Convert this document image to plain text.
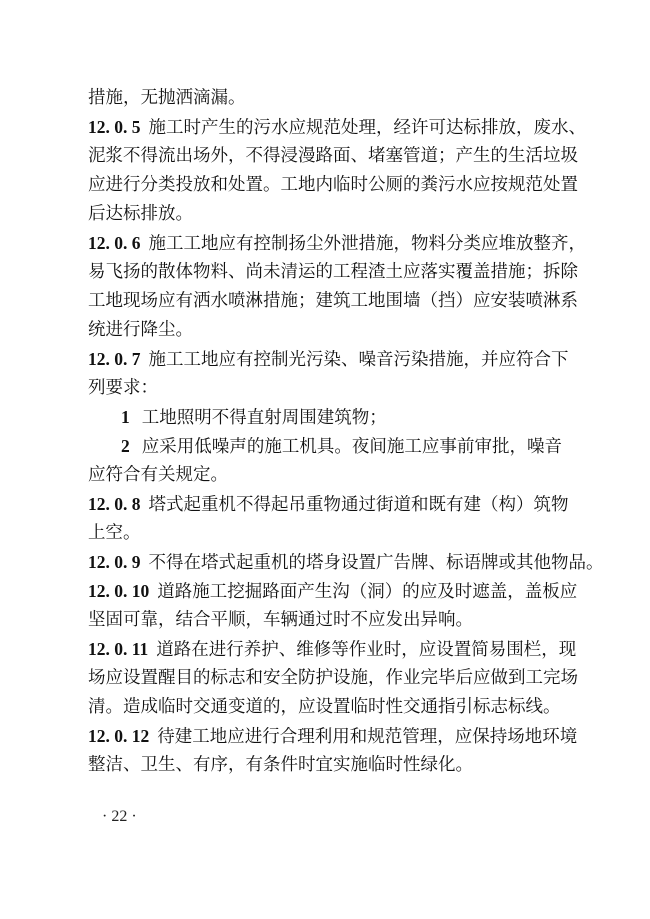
措施，无抛洒滴漏。
12. 0. 5 施工时产生的污水应规范处理，经许可达标排放，废水、
泥浆不得流出场外，不得浸漫路面、堵塞管道；产生的生活垃圾
应进行分类投放和处置。工地内临时公厕的粪污水应按规范处置
后达标排放。
12. 0. 6 施工工地应有控制扬尘外泄措施，物料分类应堆放整齐，
易飞扬的散体物料、尚未清运的工程渣土应落实覆盖措施；拆除
工地现场应有洒水喷淋措施；建筑工地围墙（挡）应安装喷淋系
统进行降尘。
12. 0. 7 施工工地应有控制光污染、噪音污染措施，并应符合下
列要求：
1 工地照明不得直射周围建筑物；
2 应采用低噪声的施工机具。夜间施工应事前审批，噪音
应符合有关规定。
12. 0. 8 塔式起重机不得起吊重物通过街道和既有建（构）筑物
上空。
12. 0. 9 不得在塔式起重机的塔身设置广告牌、标语牌或其他物品。
12. 0. 10 道路施工挖掘路面产生沟（洞）的应及时遮盖，盖板应
坚固可靠，结合平顺，车辆通过时不应发出异响。
12. 0. 11 道路在进行养护、维修等作业时，应设置简易围栏，现
场应设置醒目的标志和安全防护设施，作业完毕后应做到工完场
清。造成临时交通变道的，应设置临时性交通指引标志标线。
12. 0. 12 待建工地应进行合理利用和规范管理，应保持场地环境
整洁、卫生、有序，有条件时宜实施临时性绿化。
· 22 ·
